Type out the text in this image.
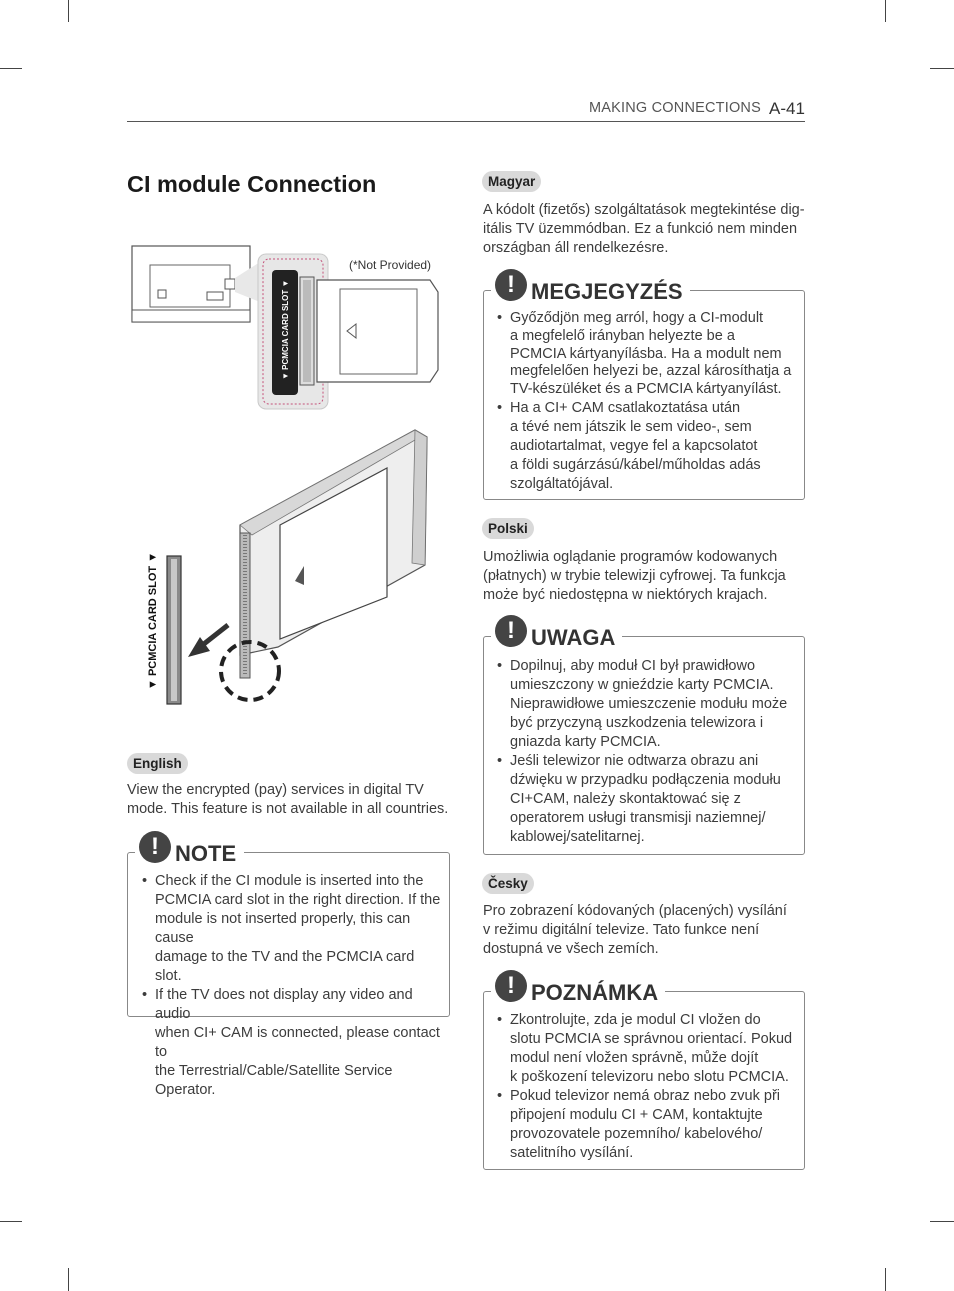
MAKING CONNECTIONS A-41
CI module Connection
▼ PCMCIA CARD SLOT ▼
(*Not Provided)
▼ PCMCIA CARD SLOT ▼
English
View the encrypted (pay) services in digital TV
mode. This feature is not available in all countries.
! NOTE
• Check if the CI module is inserted into the
PCMCIA card slot in the right direction. If the
module is not inserted properly, this can cause
damage to the TV and the PCMCIA card slot.
• If the TV does not display any video and audio
when CI+ CAM is connected, please contact to
the Terrestrial/Cable/Satellite Service Operator.
Magyar
A kódolt (fizetős) szolgáltatások megtekintése dig-
itális TV üzemmódban. Ez a funkció nem minden
országban áll rendelkezésre.
! MEGJEGYZÉS
• Győződjön meg arról, hogy a CI-modult
a megfelelő irányban helyezte be a
PCMCIA kártyanyílásba. Ha a modult nem
megfelelően helyezi be, azzal károsíthatja a
TV-készüléket és a PCMCIA kártyanyílást.
• Ha a CI+ CAM csatlakoztatása után
a tévé nem játszik le sem video-, sem
audiotartalmat, vegye fel a kapcsolatot
a földi sugárzású/kábel/műholdas adás
szolgáltatójával.
Polski
Umożliwia oglądanie programów kodowanych
(płatnych) w trybie telewizji cyfrowej. Ta funkcja
może być niedostępna w niektórych krajach.
! UWAGA
• Dopilnuj, aby moduł CI był prawidłowo
umieszczony w gnieździe karty PCMCIA.
Nieprawidłowe umieszczenie modułu może
być przyczyną uszkodzenia telewizora i
gniazda karty PCMCIA.
• Jeśli telewizor nie odtwarza obrazu ani
dźwięku w przypadku podłączenia modułu
CI+CAM, należy skontaktować się z
operatorem usługi transmisji naziemnej/
kablowej/satelitarnej.
Česky
Pro zobrazení kódovaných (placených) vysílání
v režimu digitální televize. Tato funkce není
dostupná ve všech zemích.
! POZNÁMKA
• Zkontrolujte, zda je modul CI vložen do
slotu PCMCIA se správnou orientací. Pokud
modul není vložen správně, může dojít
k poškození televizoru nebo slotu PCMCIA.
• Pokud televizor nemá obraz nebo zvuk při
připojení modulu CI + CAM, kontaktujte
provozovatele pozemního/ kabelového/
satelitního vysílání.
